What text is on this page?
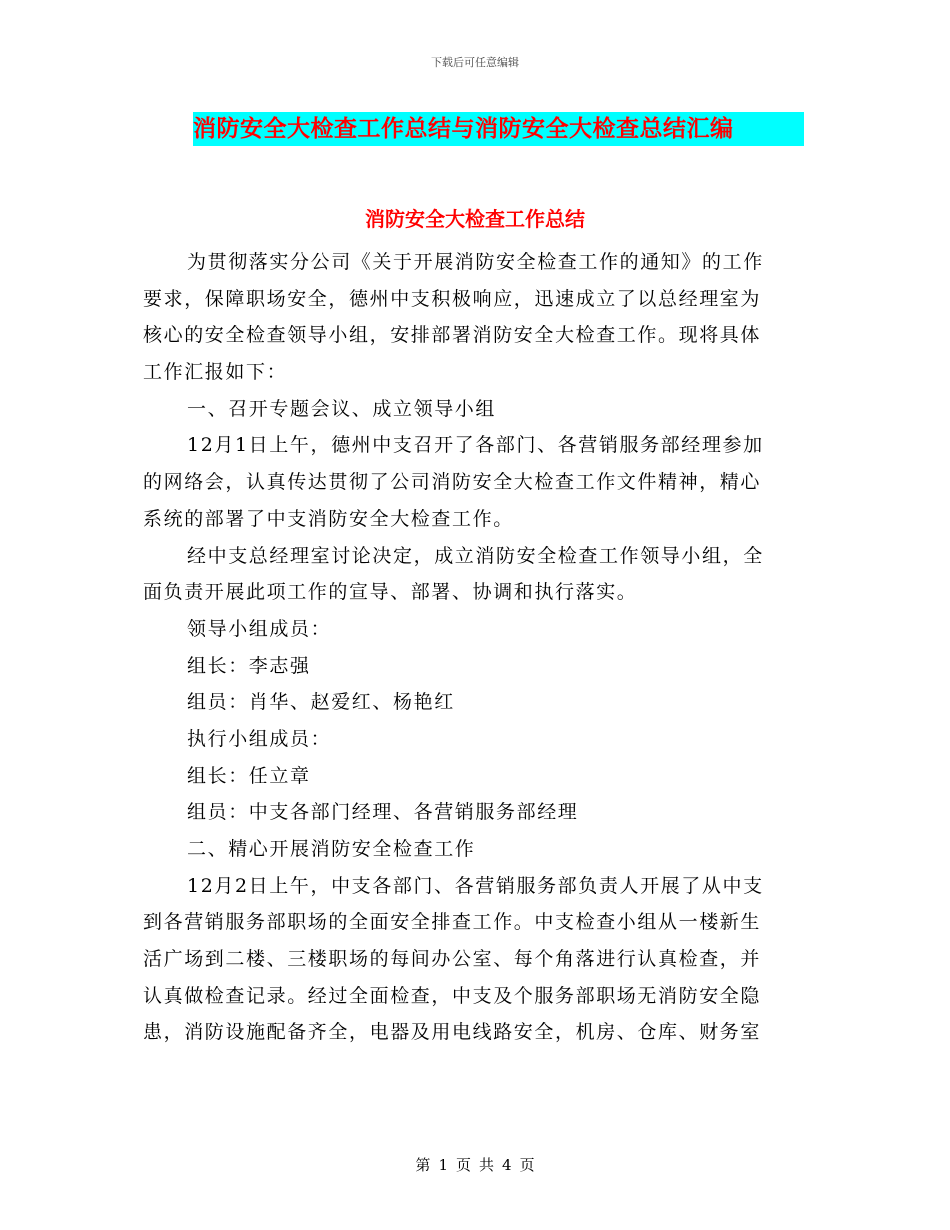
下载后可任意编辑
消防安全大检查工作总结与消防安全大检查总结汇编
消防安全大检查工作总结
为贯彻落实分公司《关于开展消防安全检查工作的通知》的工作
要求，保障职场安全，德州中支积极响应，迅速成立了以总经理室为
核心的安全检查领导小组，安排部署消防安全大检查工作。现将具体
工作汇报如下：
一、召开专题会议、成立领导小组
12月1日上午，德州中支召开了各部门、各营销服务部经理参加
的网络会，认真传达贯彻了公司消防安全大检查工作文件精神，精心
系统的部署了中支消防安全大检查工作。
经中支总经理室讨论决定，成立消防安全检查工作领导小组，全
面负责开展此项工作的宣导、部署、协调和执行落实。
领导小组成员：
组长：李志强
组员：肖华、赵爱红、杨艳红
执行小组成员：
组长：任立章
组员：中支各部门经理、各营销服务部经理
二、精心开展消防安全检查工作
12月2日上午，中支各部门、各营销服务部负责人开展了从中支
到各营销服务部职场的全面安全排查工作。中支检查小组从一楼新生
活广场到二楼、三楼职场的每间办公室、每个角落进行认真检查，并
认真做检查记录。经过全面检查，中支及个服务部职场无消防安全隐
患，消防设施配备齐全，电器及用电线路安全，机房、仓库、财务室
第 1 页 共 4 页
